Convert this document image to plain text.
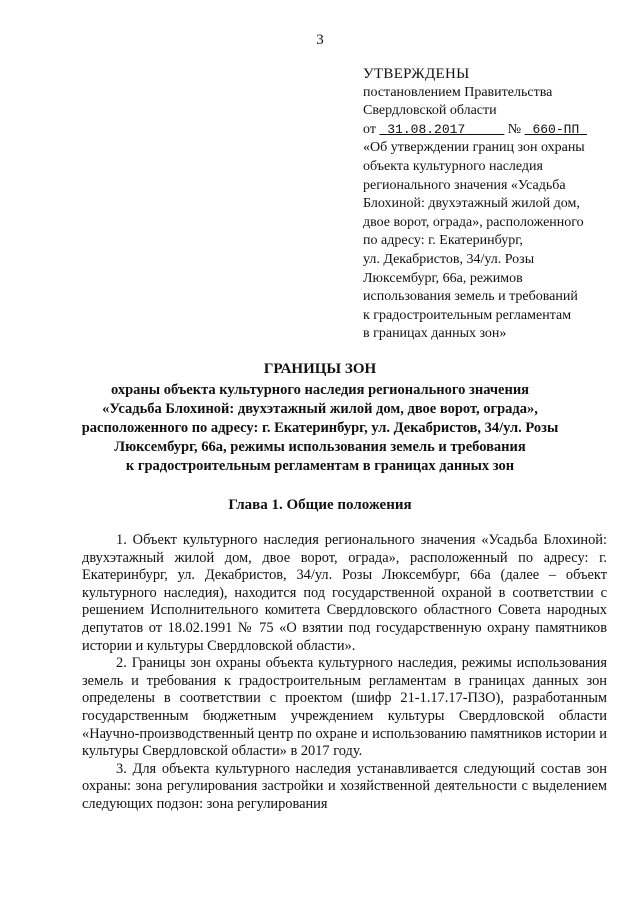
3
УТВЕРЖДЕНЫ
постановлением Правительства
Свердловской области
от 31.08.2017	№ 660-ПП
«Об утверждении границ зон охраны
объекта культурного наследия
регионального значения «Усадьба
Блохиной: двухэтажный жилой дом,
двое ворот, ограда», расположенного
по адресу: г. Екатеринбург,
ул. Декабристов, 34/ул. Розы
Люксембург, 66а, режимов
использования земель и требований
к градостроительным регламентам
в границах данных зон»
ГРАНИЦЫ ЗОН
охраны объекта культурного наследия регионального значения
«Усадьба Блохиной: двухэтажный жилой дом, двое ворот, ограда»,
расположенного по адресу: г. Екатеринбург, ул. Декабристов, 34/ул. Розы
Люксембург, 66а, режимы использования земель и требования
к градостроительным регламентам в границах данных зон
Глава 1. Общие положения

1. Объект культурного наследия регионального значения «Усадьба Блохиной: двухэтажный жилой дом, двое ворот, ограда», расположенный по адресу: г. Екатеринбург, ул. Декабристов, 34/ул. Розы Люксембург, 66а (далее – объект культурного наследия), находится под государственной охраной в соответствии с решением Исполнительного комитета Свердловского областного Совета народных депутатов от 18.02.1991 № 75 «О взятии под государственную охрану памятников истории и культуры Свердловской области».

2. Границы зон охраны объекта культурного наследия, режимы использования земель и требования к градостроительным регламентам в границах данных зон определены в соответствии с проектом (шифр 21-1.17.17-ПЗО), разработанным государственным бюджетным учреждением культуры Свердловской области «Научно-производственный центр по охране и использованию памятников истории и культуры Свердловской области» в 2017 году.

3. Для объекта культурного наследия устанавливается следующий состав зон охраны: зона регулирования застройки и хозяйственной деятельности с выделением следующих подзон: зона регулирования
